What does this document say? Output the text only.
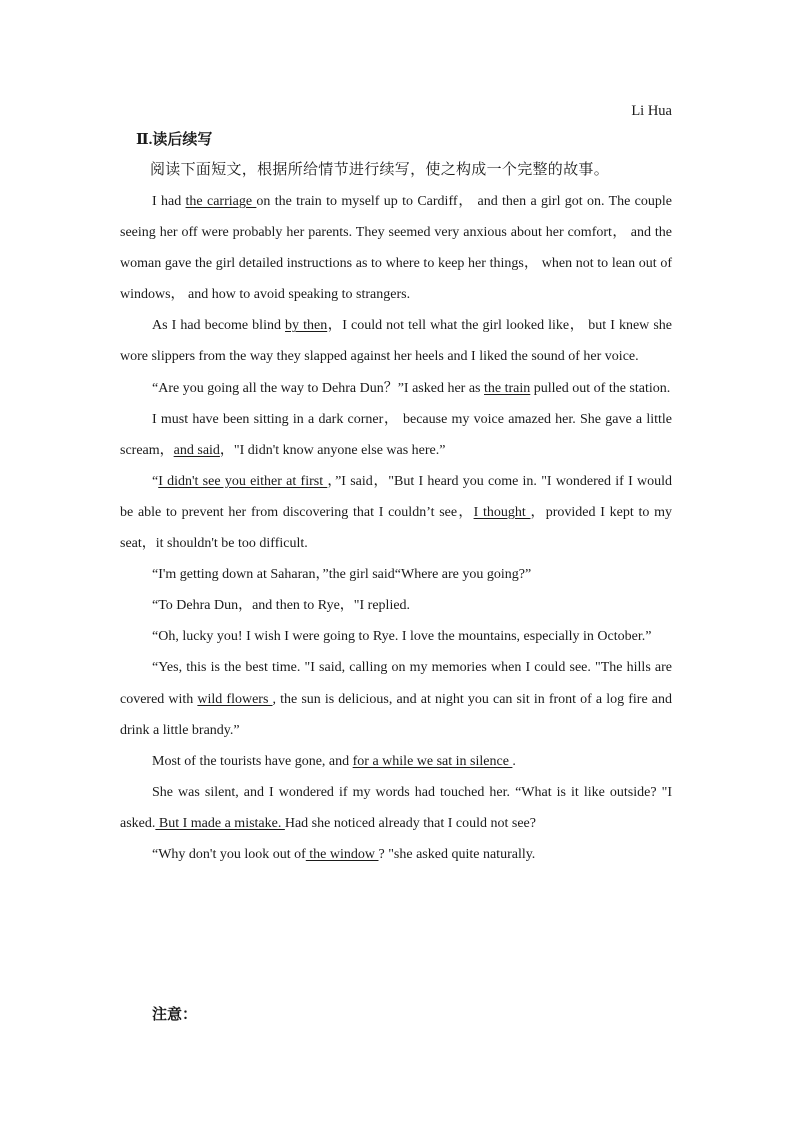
Li Hua
Ⅱ.读后续写
阅读下面短文，根据所给情节进行续写，使之构成一个完整的故事。

I had the carriage on the train to myself up to Cardiff， and then a girl got on. The couple seeing her off were probably her parents. They seemed very anxious about her comfort， and the woman gave the girl detailed instructions as to where to keep her things， when not to lean out of windows， and how to avoid speaking to strangers.

As I had become blind by then，I could not tell what the girl looked like， but I knew she wore slippers from the way they slapped against her heels and I liked the sound of her voice.

“Are you going all the way to Dehra Dun？”I asked her as the train pulled out of the station.

I must have been sitting in a dark corner， because my voice amazed her. She gave a little scream，and said，"I didn't know anyone else was here.”

“I didn't see you either at first ，”I said，"But I heard you come in. "I wondered if I would be able to prevent her from discovering that I couldn’t see，I thought ，provided I kept to my seat，it shouldn't be too difficult.

“I'm getting down at Saharan，”the girl said“Where are you going?”

“To Dehra Dun，and then to Rye，"I replied.

“Oh, lucky you! I wish I were going to Rye. I love the mountains, especially in October.”

“Yes, this is the best time. "I said, calling on my memories when I could see. "The hills are covered with wild flowers , the sun is delicious, and at night you can sit in front of a log fire and drink a little brandy.”

Most of the tourists have gone, and for a while we sat in silence .

She was silent, and I wondered if my words had touched her. “What is it like outside? "I asked. But I made a mistake. Had she noticed already that I could not see?

“Why don't you look out of the window ? "she asked quite naturally.

注意：
